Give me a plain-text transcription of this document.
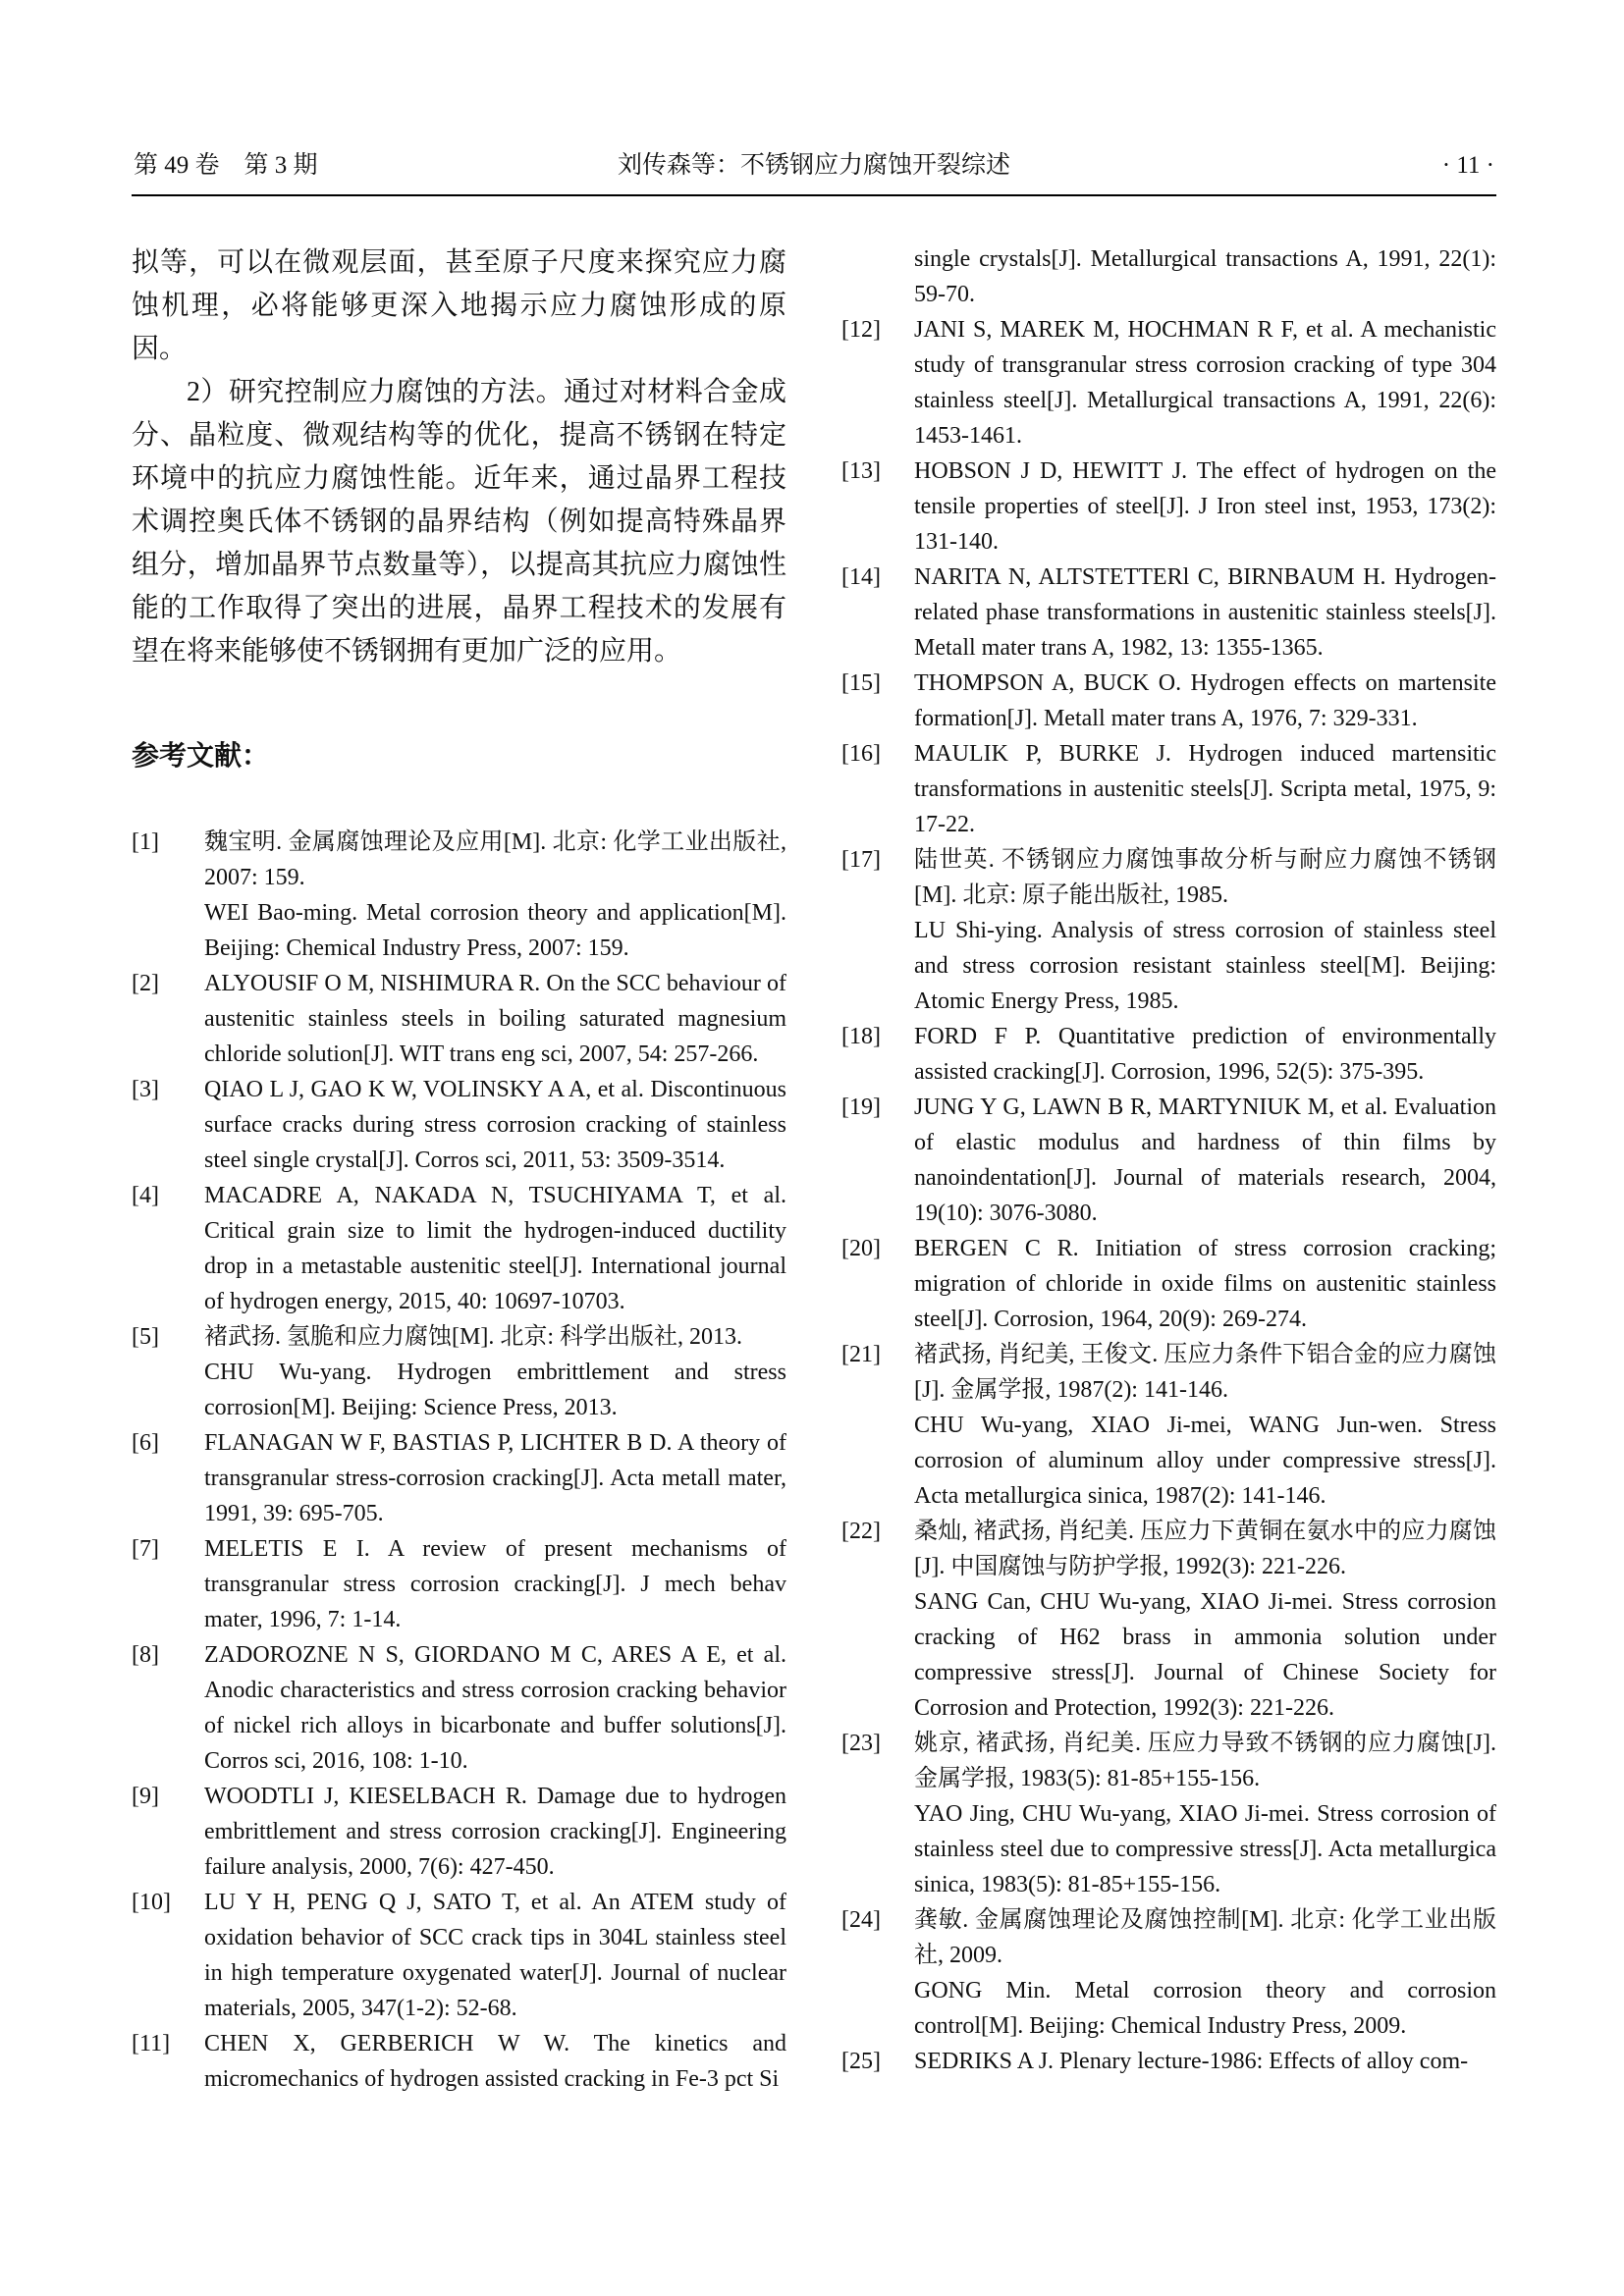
第 49 卷　第 3 期	刘传森等：不锈钢应力腐蚀开裂综述	· 11 ·

拟等，可以在微观层面，甚至原子尺度来探究应力腐蚀机理，必将能够更深入地揭示应力腐蚀形成的原因。

2）研究控制应力腐蚀的方法。通过对材料合金成分、晶粒度、微观结构等的优化，提高不锈钢在特定环境中的抗应力腐蚀性能。近年来，通过晶界工程技术调控奥氏体不锈钢的晶界结构（例如提高特殊晶界组分，增加晶界节点数量等），以提高其抗应力腐蚀性能的工作取得了突出的进展，晶界工程技术的发展有望在将来能够使不锈钢拥有更加广泛的应用。

参考文献：
[1]	魏宝明. 金属腐蚀理论及应用[M]. 北京: 化学工业出版社, 2007: 159.

WEI Bao-ming. Metal corrosion theory and application[M]. Beijing: Chemical Industry Press, 2007: 159.

[2]	ALYOUSIF O M, NISHIMURA R. On the SCC behaviour of austenitic stainless steels in boiling saturated magnesium chloride solution[J]. WIT trans eng sci, 2007, 54: 257-266.

[3]	QIAO L J, GAO K W, VOLINSKY A A, et al. Discontinuous surface cracks during stress corrosion cracking of stainless steel single crystal[J]. Corros sci, 2011, 53: 3509-3514.

[4]	MACADRE A, NAKADA N, TSUCHIYAMA T, et al. Critical grain size to limit the hydrogen-induced ductility drop in a metastable austenitic steel[J]. International journal of hydrogen energy, 2015, 40: 10697-10703.

[5]	褚武扬. 氢脆和应力腐蚀[M]. 北京: 科学出版社, 2013.

CHU Wu-yang. Hydrogen embrittlement and stress corrosion[M]. Beijing: Science Press, 2013.

[6]	FLANAGAN W F, BASTIAS P, LICHTER B D. A theory of transgranular stress-corrosion cracking[J]. Acta metall mater, 1991, 39: 695-705.

[7]	MELETIS E I. A review of present mechanisms of transgranular stress corrosion cracking[J]. J mech behav mater, 1996, 7: 1-14.

[8]	ZADOROZNE N S, GIORDANO M C, ARES A E, et al. Anodic characteristics and stress corrosion cracking behavior of nickel rich alloys in bicarbonate and buffer solutions[J]. Corros sci, 2016, 108: 1-10.

[9]	WOODTLI J, KIESELBACH R. Damage due to hydrogen embrittlement and stress corrosion cracking[J]. Engineering failure analysis, 2000, 7(6): 427-450.

[10]	LU Y H, PENG Q J, SATO T, et al. An ATEM study of oxidation behavior of SCC crack tips in 304L stainless steel in high temperature oxygenated water[J]. Journal of nuclear materials, 2005, 347(1-2): 52-68.

[11]	CHEN X, GERBERICH W W. The kinetics and micromechanics of hydrogen assisted cracking in Fe-3 pct Si

single crystals[J]. Metallurgical transactions A, 1991, 22(1): 59-70.

[12]	JANI S, MAREK M, HOCHMAN R F, et al. A mechanistic study of transgranular stress corrosion cracking of type 304 stainless steel[J]. Metallurgical transactions A, 1991, 22(6): 1453-1461.

[13]	HOBSON J D, HEWITT J. The effect of hydrogen on the tensile properties of steel[J]. J Iron steel inst, 1953, 173(2): 131-140.

[14]	NARITA N, ALTSTETTERl C, BIRNBAUM H. Hydrogen-related phase transformations in austenitic stainless steels[J]. Metall mater trans A, 1982, 13: 1355-1365.

[15]	THOMPSON A, BUCK O. Hydrogen effects on martensite formation[J]. Metall mater trans A, 1976, 7: 329-331.

[16]	MAULIK P, BURKE J. Hydrogen induced martensitic transformations in austenitic steels[J]. Scripta metal, 1975, 9: 17-22.

[17]	陆世英. 不锈钢应力腐蚀事故分析与耐应力腐蚀不锈钢[M]. 北京: 原子能出版社, 1985.

LU Shi-ying. Analysis of stress corrosion of stainless steel and stress corrosion resistant stainless steel[M]. Beijing: Atomic Energy Press, 1985.

[18]	FORD F P. Quantitative prediction of environmentally assisted cracking[J]. Corrosion, 1996, 52(5): 375-395.

[19]	JUNG Y G, LAWN B R, MARTYNIUK M, et al. Evaluation of elastic modulus and hardness of thin films by nanoindentation[J]. Journal of materials research, 2004, 19(10): 3076-3080.

[20]	BERGEN C R. Initiation of stress corrosion cracking; migration of chloride in oxide films on austenitic stainless steel[J]. Corrosion, 1964, 20(9): 269-274.

[21]	褚武扬, 肖纪美, 王俊文. 压应力条件下铝合金的应力腐蚀[J]. 金属学报, 1987(2): 141-146.

CHU Wu-yang, XIAO Ji-mei, WANG Jun-wen. Stress corrosion of aluminum alloy under compressive stress[J]. Acta metallurgica sinica, 1987(2): 141-146.

[22]	桑灿, 褚武扬, 肖纪美. 压应力下黄铜在氨水中的应力腐蚀[J]. 中国腐蚀与防护学报, 1992(3): 221-226.

SANG Can, CHU Wu-yang, XIAO Ji-mei. Stress corrosion cracking of H62 brass in ammonia solution under compressive stress[J]. Journal of Chinese Society for Corrosion and Protection, 1992(3): 221-226.

[23]	姚京, 褚武扬, 肖纪美. 压应力导致不锈钢的应力腐蚀[J]. 金属学报, 1983(5): 81-85+155-156.

YAO Jing, CHU Wu-yang, XIAO Ji-mei. Stress corrosion of stainless steel due to compressive stress[J]. Acta metallurgica sinica, 1983(5): 81-85+155-156.

[24]	龚敏. 金属腐蚀理论及腐蚀控制[M]. 北京: 化学工业出版社, 2009.

GONG Min. Metal corrosion theory and corrosion control[M]. Beijing: Chemical Industry Press, 2009.

[25]	SEDRIKS A J. Plenary lecture-1986: Effects of alloy com-
